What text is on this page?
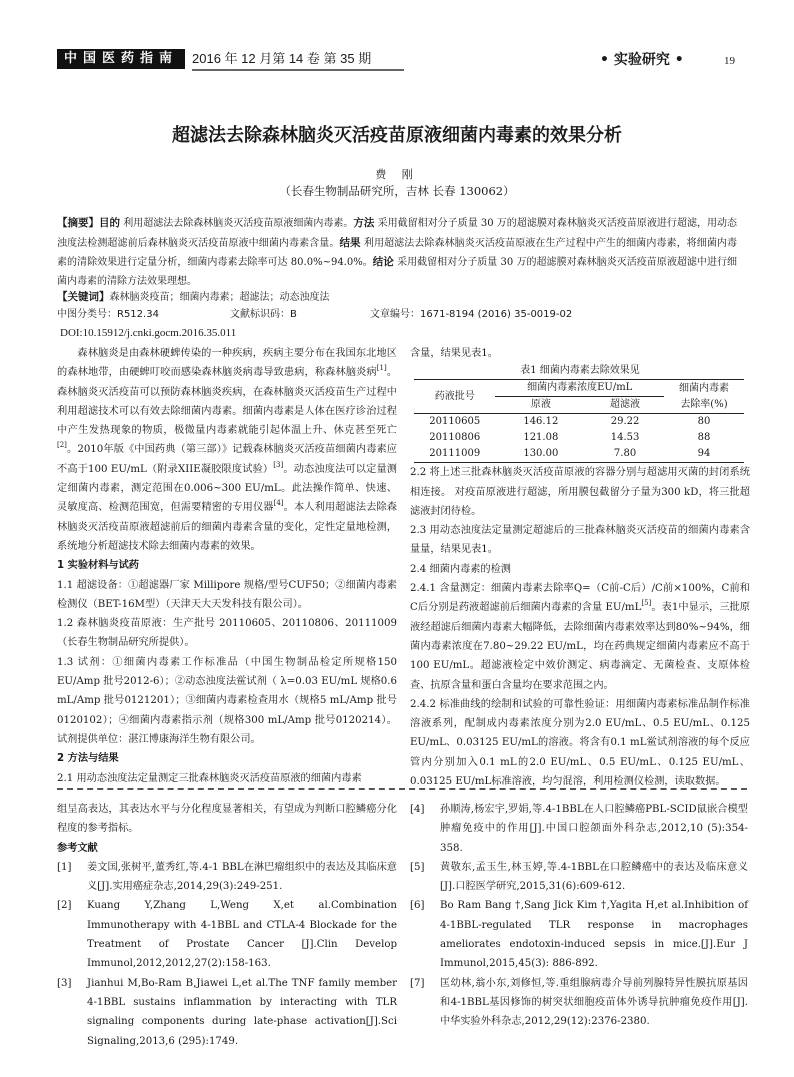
中国医药指南	2016 年 12 月第 14 卷 第 35 期	• 实验研究 •	19
超滤法去除森林脑炎灭活疫苗原液细菌内毒素的效果分析
费 刚
（长春生物制品研究所，吉林 长春 130062）
【摘要】目的 利用超滤法去除森林脑炎灭活疫苗原液细菌内毒素。方法 采用截留相对分子质量 30 万的超滤膜对森林脑炎灭活疫苗原液进行超滤，用动态浊度法检测超滤前后森林脑炎灭活疫苗原液中细菌内毒素含量。结果 利用超滤法去除森林脑炎灭活疫苗原液在生产过程中产生的细菌内毒素，将细菌内毒素的清除效果进行定量分析，细菌内毒素去除率可达 80.0%~94.0%。结论 采用截留相对分子质量 30 万的超滤膜对森林脑炎灭活疫苗原液超滤中进行细菌内毒素的清除方法效果理想。
【关键词】森林脑炎疫苗；细菌内毒素；超滤法；动态浊度法
中图分类号：R512.34	文献标识码：B	文章编号：1671-8194 (2016) 35-0019-02
DOI:10.15912/j.cnki.gocm.2016.35.011

森林脑炎是由森林硬蜱传染的一种疾病，疾病主要分布在我国东北地区的森林地带，由硬蜱叮咬而感染森林脑炎病毒导致患病，称森林脑炎病[1]。森林脑炎灭活疫苗可以预防森林脑炎疾病，在森林脑炎灭活疫苗生产过程中利用超滤技术可以有效去除细菌内毒素。细菌内毒素是人体在医疗诊治过程中产生发热现象的物质，极微量内毒素就能引起体温上升、休克甚至死亡[2]。2010年版《中国药典（第三部）》记载森林脑炎灭活疫苗细菌内毒素应不高于100 EU/mL（附录XIIE凝胶限度试验）[3]。动态浊度法可以定量测定细菌内毒素，测定范围在0.006~300 EU/mL。此法操作简单、快速、灵敏度高、检测范围宽，但需要精密的专用仪器[4]。本人利用超滤法去除森林脑炎灭活疫苗原液超滤前后的细菌内毒素含量的变化，定性定量地检测，系统地分析超滤技术除去细菌内毒素的效果。

1 实验材料与试药

1.1 超滤设备：①超滤器厂家 Millipore 规格/型号CUF50；②细菌内毒素检测仪（BET-16M型）（天津天大天发科技有限公司）。

1.2 森林脑炎疫苗原液：生产批号 20110605、20110806、20111009（长春生物制品研究所提供）。

1.3 试剂：①细菌内毒素工作标准品（中国生物制品检定所规格150 EU/Amp 批号2012-6）；②动态浊度法鲎试剂（ λ=0.03 EU/mL 规格0.6 mL/Amp 批号0121201）；③细菌内毒素检查用水（规格5 mL/Amp 批号0120102）；④细菌内毒素指示剂（规格300 mL/Amp 批号0120214）。试剂提供单位：湛江博康海洋生物有限公司。

2 方法与结果

2.1 用动态浊度法定量测定三批森林脑炎灭活疫苗原液的细菌内毒素

含量，结果见表1。

表1 细菌内毒素去除效果见
药液批号	细菌内毒素浓度EU/mL		细菌内毒素
	原液	超滤液	去除率(%)
20110605	146.12	29.22	80
20110806	121.08	14.53	88
20111009	130.00	7.80	94

2.2 将上述三批森林脑炎灭活疫苗原液的容器分别与超滤用灭菌的封闭系统相连接。 对疫苗原液进行超滤，所用膜包截留分子量为300 kD，将三批超滤液封闭待检。

2.3 用动态浊度法定量测定超滤后的三批森林脑炎灭活疫苗的细菌内毒素含量量，结果见表1。

2.4 细菌内毒素的检测

2.4.1 含量测定：细菌内毒素去除率Q=（C前-C后）/C前×100%，C前和C后分别是药液超滤前后细菌内毒素的含量 EU/mL[5]。表1中显示，三批原液经超滤后细菌内毒素大幅降低，去除细菌内毒素效率达到80%~94%，细菌内毒素浓度在7.80~29.22 EU/mL，均在药典规定细菌内毒素应不高于100 EU/mL。超滤液检定中效价测定、病毒滴定、无菌检查、支原体检查、抗原含量和蛋白含量均在要求范围之内。

2.4.2 标准曲线的绘制和试验的可靠性验证：用细菌内毒素标准品制作标准溶液系列，配制成内毒素浓度分别为2.0 EU/mL、0.5 EU/mL、0.125 EU/mL、0.03125 EU/mL的溶液。将含有0.1 mL鲎试剂溶液的每个反应管内分别加入0.1 mL的2.0 EU/mL、0.5 EU/mL、0.125 EU/mL、0.03125 EU/mL标准溶液，均匀混溶，利用检测仪检测，读取数据。

组呈高表达，其表达水平与分化程度显著相关，有望成为判断口腔鳞癌分化程度的参考指标。

参考文献

[1]	姜文国,张树平,董秀红,等.4-1 BBL在淋巴瘤组织中的表达及其临床意义[J].实用癌症杂志,2014,29(3):249-251.
[2]	Kuang Y,Zhang L,Weng X,et al.Combination Immunotherapy with 4-1BBL and CTLA-4 Blockade for the Treatment of Prostate Cancer [J].Clin Develop Immunol,2012,2012,27(2):158-163.
[3]	Jianhui M,Bo-Ram B,Jiawei L,et al.The TNF family member 4-1BBL sustains inflammation by interacting with TLR signaling components during late-phase activation[J].Sci Signaling,2013,6 (295):1749.
[4]	孙顺涛,杨宏宇,罗娟,等.4-1BBL在人口腔鳞癌PBL-SCID鼠嵌合模型肿瘤免疫中的作用[J].中国口腔颌面外科杂志,2012,10 (5):354-358.
[5]	黄敬东,孟玉生,林玉婷,等.4-1BBL在口腔鳞癌中的表达及临床意义[J].口腔医学研究,2015,31(6):609-612.
[6]	Bo Ram Bang †,Sang Jick Kim †,Yagita H,et al.Inhibition of 4-1BBL-regulated TLR response in macrophages ameliorates endotoxin-induced sepsis in mice.[J].Eur J Immunol,2015,45(3): 886-892.
[7]	匡幼林,翁小东,刘修恒,等.重组腺病毒介导前列腺特异性膜抗原基因和4-1BBL基因修饰的树突状细胞疫苗体外诱导抗肿瘤免疫作用[J].中华实验外科杂志,2012,29(12):2376-2380.
